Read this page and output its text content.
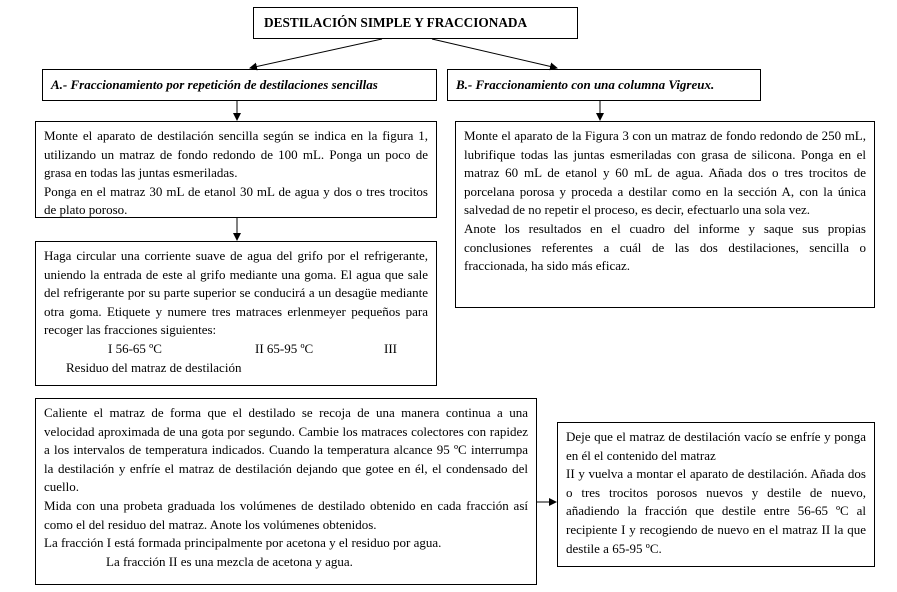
DESTILACIÓN SIMPLE Y FRACCIONADA
A.- Fraccionamiento por repetición de destilaciones sencillas	B.- Fraccionamiento con una columna Vigreux.

Monte el aparato de destilación sencilla según se indica en la figura 1, utilizando un matraz de fondo redondo de 100 mL. Ponga un poco de grasa en todas las juntas esmeriladas.

Ponga en el matraz 30 mL de etanol 30 mL de agua y dos o tres trocitos de plato poroso.

Haga circular una corriente suave de agua del grifo por el refrigerante, uniendo la entrada de este al grifo mediante una goma. El agua que sale del refrigerante por su parte superior se conducirá a un desagüe mediante otra goma. Etiquete y numere tres matraces erlenmeyer pequeños para recoger las fracciones siguientes:

I 56-65 ºC	II 65-95 ºC	III

Residuo del matraz de destilación

Caliente el matraz de forma que el destilado se recoja de una manera continua a una velocidad aproximada de una gota por segundo. Cambie los matraces colectores con rapidez a los intervalos de temperatura indicados. Cuando la temperatura alcance 95 ºC interrumpa la destilación y enfríe el matraz de destilación dejando que gotee en él, el condensado del cuello.

Mida con una probeta graduada los volúmenes de destilado obtenido en cada fracción así como el del residuo del matraz. Anote los volúmenes obtenidos.

La fracción I está formada principalmente por acetona y el residuo por agua.

La fracción II es una mezcla de acetona y agua.

Deje que el matraz de destilación vacío se enfríe y ponga en él el contenido del matraz

II y vuelva a montar el aparato de destilación. Añada dos o tres trocitos porosos nuevos y destile de nuevo, añadiendo la fracción que destile entre 56-65 ºC al recipiente I y recogiendo de nuevo en el matraz II la que destile a 65-95 ºC.

Monte el aparato de la Figura 3 con un matraz de fondo redondo de 250 mL, lubrifique todas las juntas esmeriladas con grasa de silicona. Ponga en el matraz 60 mL de etanol y 60 mL de agua. Añada dos o tres trocitos de porcelana porosa y proceda a destilar como en la sección A, con la única salvedad de no repetir el proceso, es decir, efectuarlo una sola vez.

Anote los resultados en el cuadro del informe y saque sus propias conclusiones referentes a cuál de las dos destilaciones, sencilla o fraccionada, ha sido más eficaz.
